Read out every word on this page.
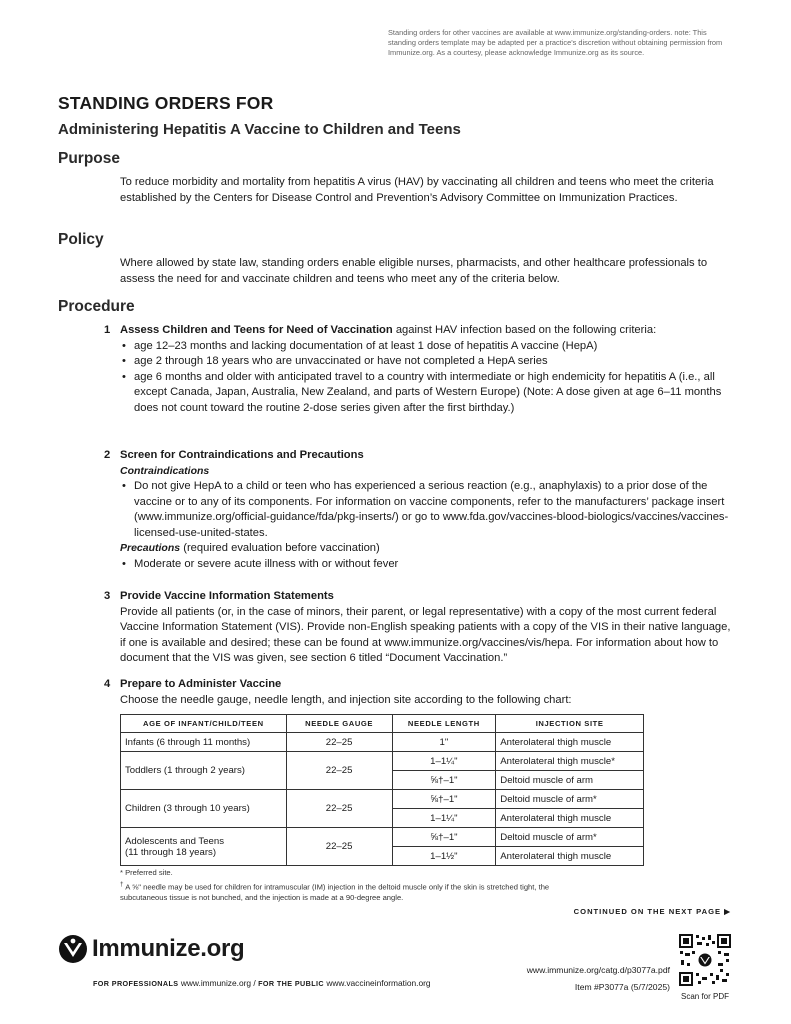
Standing orders for other vaccines are available at www.immunize.org/standing-orders. note: This standing orders template may be adapted per a practice's discretion without obtaining permission from Immunize.org. As a courtesy, please acknowledge Immunize.org as its source.
STANDING ORDERS FOR
Administering Hepatitis A Vaccine to Children and Teens
Purpose
To reduce morbidity and mortality from hepatitis A virus (HAV) by vaccinating all children and teens who meet the criteria established by the Centers for Disease Control and Prevention’s Advisory Committee on Immunization Practices.
Policy
Where allowed by state law, standing orders enable eligible nurses, pharmacists, and other healthcare professionals to assess the need for and vaccinate children and teens who meet any of the criteria below.
Procedure
1 Assess Children and Teens for Need of Vaccination against HAV infection based on the following criteria:
• age 12–23 months and lacking documentation of at least 1 dose of hepatitis A vaccine (HepA)
• age 2 through 18 years who are unvaccinated or have not completed a HepA series
• age 6 months and older with anticipated travel to a country with intermediate or high endemicity for hepatitis A (i.e., all except Canada, Japan, Australia, New Zealand, and parts of Western Europe) (Note: A dose given at age 6–11 months does not count toward the routine 2-dose series given after the first birthday.)
2 Screen for Contraindications and Precautions
Contraindications
• Do not give HepA to a child or teen who has experienced a serious reaction (e.g., anaphylaxis) to a prior dose of the vaccine or to any of its components. For information on vaccine components, refer to the manufacturers’ package insert (www.immunize.org/official-guidance/fda/pkg-inserts/) or go to www.fda.gov/vaccines-blood-biologics/vaccines/vaccines-licensed-use-united-states.
Precautions (required evaluation before vaccination)
• Moderate or severe acute illness with or without fever
3 Provide Vaccine Information Statements
Provide all patients (or, in the case of minors, their parent, or legal representative) with a copy of the most current federal Vaccine Information Statement (VIS). Provide non-English speaking patients with a copy of the VIS in their native language, if one is available and desired; these can be found at www.immunize.org/vaccines/vis/hepa. For information about how to document that the VIS was given, see section 6 titled “Document Vaccination.”
4 Prepare to Administer Vaccine
Choose the needle gauge, needle length, and injection site according to the following chart:
AGE OF INFANT/CHILD/TEEN	NEEDLE GAUGE	NEEDLE LENGTH	INJECTION SITE
Infants (6 through 11 months)	22–25	1"	Anterolateral thigh muscle
Toddlers (1 through 2 years)	22–25	1–1¼"	Anterolateral thigh muscle*
		⅝†–1"	Deltoid muscle of arm
Children (3 through 10 years)	22–25	⅝†–1"	Deltoid muscle of arm*
		1–1¼"	Anterolateral thigh muscle

Adolescents and Teens
(11 through 18 years)	22–25	⅝†–1"	Deltoid muscle of arm*
		1–1½"	Anterolateral thigh muscle
* Preferred site.
† A ⅝" needle may be used for children for intramuscular (IM) injection in the deltoid muscle only if the skin is stretched tight, the subcutaneous tissue is not bunched, and the injection is made at a 90-degree angle.
CONTINUED ON THE NEXT PAGE ▶
Immunize.org
FOR PROFESSIONALS www.immunize.org / FOR THE PUBLIC www.vaccineinformation.org
www.immunize.org/catg.d/p3077a.pdf
Item #P3077a (5/7/2025)
Scan for PDF
